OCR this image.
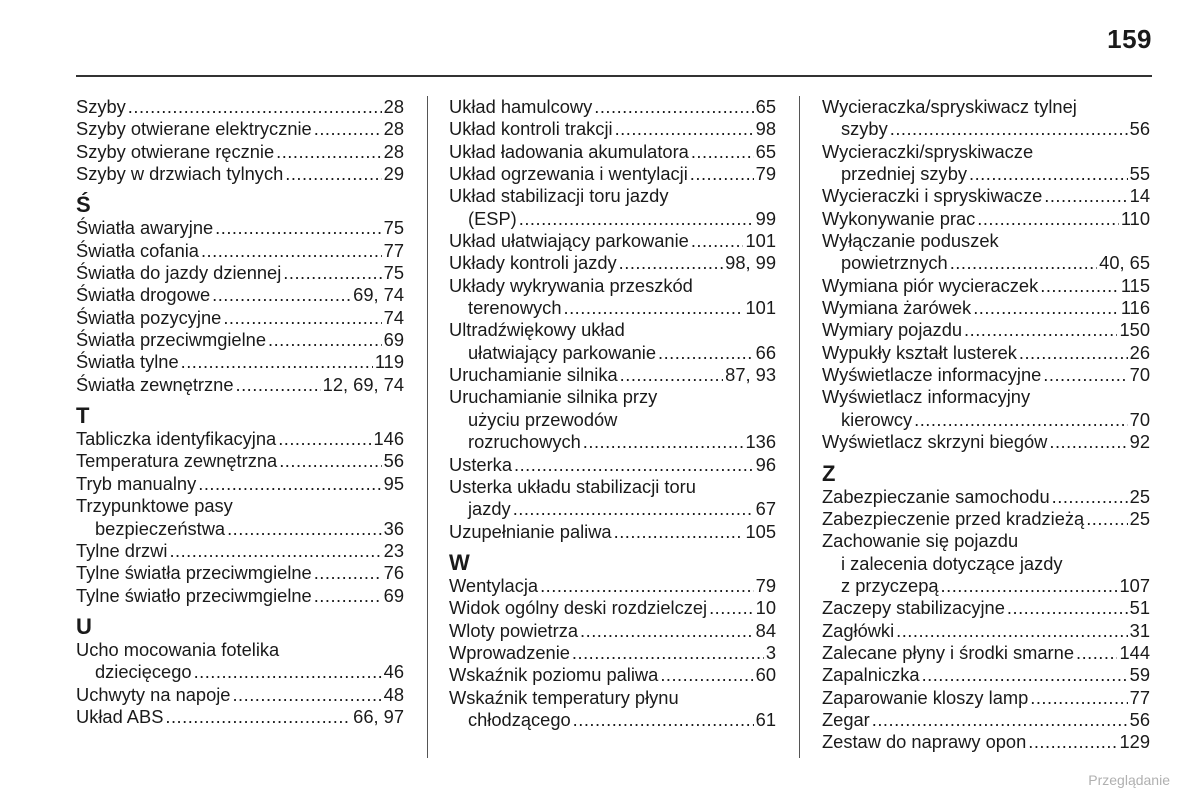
159
Szyby .....	28
Szyby otwierane elektrycznie .....	28
Szyby otwierane ręcznie .....	28
Szyby w drzwiach tylnych .....	29
Ś
Światła awaryjne .....	75
Światła cofania .....	77
Światła do jazdy dziennej .....	75
Światła drogowe .....	69, 74
Światła pozycyjne .....	74
Światła przeciwmgielne .....	69
Światła tylne .....	119
Światła zewnętrzne .....	12, 69, 74
T
Tabliczka identyfikacyjna .....	146
Temperatura zewnętrzna .....	56
Tryb manualny .....	95
Trzypunktowe pasy
bezpieczeństwa .....	36
Tylne drzwi .....	23
Tylne światła przeciwmgielne .....	76
Tylne światło przeciwmgielne .....	69
U
Ucho mocowania fotelika
dziecięcego .....	46
Uchwyty na napoje .....	48
Układ ABS .....	66, 97
Układ hamulcowy .....	65
Układ kontroli trakcji .....	98
Układ ładowania akumulatora .....	65
Układ ogrzewania i wentylacji .....	79
Układ stabilizacji toru jazdy
(ESP) .....	99
Układ ułatwiający parkowanie .....	101
Układy kontroli jazdy .....	98, 99
Układy wykrywania przeszkód
terenowych .....	101
Ultradźwiękowy układ
ułatwiający parkowanie .....	66
Uruchamianie silnika .....	87, 93
Uruchamianie silnika przy
użyciu przewodów
rozruchowych .....	136
Usterka .....	96
Usterka układu stabilizacji toru
jazdy .....	67
Uzupełnianie paliwa .....	105
W
Wentylacja .....	79
Widok ogólny deski rozdzielczej .....	10
Wloty powietrza .....	84
Wprowadzenie .....	3
Wskaźnik poziomu paliwa .....	60
Wskaźnik temperatury płynu
chłodzącego .....	61
Wycieraczka/spryskiwacz tylnej
szyby .....	56
Wycieraczki/spryskiwacze
przedniej szyby .....	55
Wycieraczki i spryskiwacze .....	14
Wykonywanie prac .....	110
Wyłączanie poduszek
powietrznych .....	40, 65
Wymiana piór wycieraczek .....	115
Wymiana żarówek .....	116
Wymiary pojazdu .....	150
Wypukły kształt lusterek .....	26
Wyświetlacze informacyjne .....	70
Wyświetlacz informacyjny
kierowcy .....	70
Wyświetlacz skrzyni biegów .....	92
Z
Zabezpieczanie samochodu .....	25
Zabezpieczenie przed kradzieżą ..... 25
Zachowanie się pojazdu
i zalecenia dotyczące jazdy
z przyczepą .....	107
Zaczepy stabilizacyjne .....	51
Zagłówki .....	31
Zalecane płyny i środki smarne ..... 144
Zapalniczka .....	59
Zaparowanie kloszy lamp .....	77
Zegar .....	56
Zestaw do naprawy opon .....	129
Przeglądanie
